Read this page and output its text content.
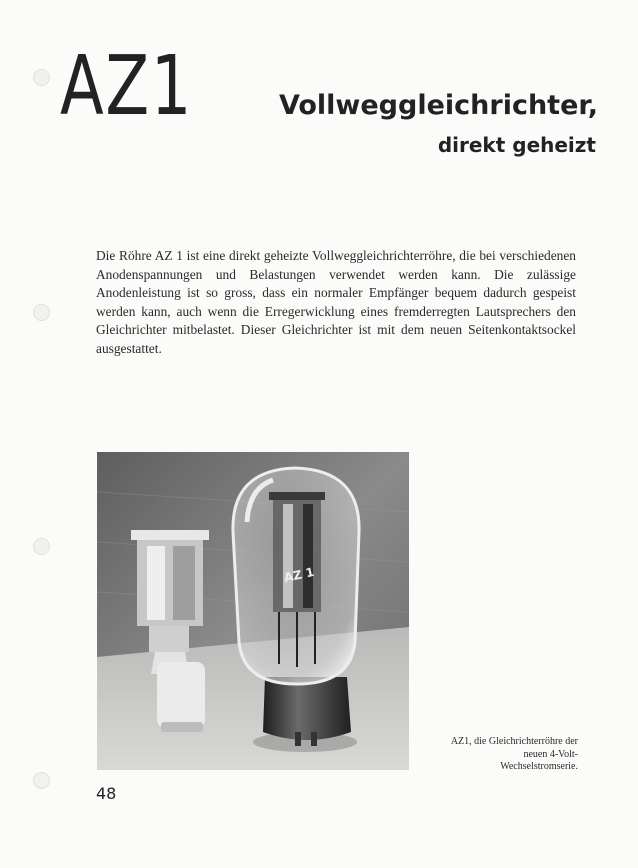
AZ1	Vollweggleichrichter,
direkt geheizt

Die Röhre AZ 1 ist eine direkt geheizte Vollweggleichrichterröhre, die bei verschiedenen Anodenspannungen und Belastungen verwendet werden kann. Die zulässige Anodenleistung ist so gross, dass ein normaler Empfänger bequem dadurch gespeist werden kann, auch wenn die Erregerwicklung eines fremderregten Lautsprechers den Gleichrichter mitbelastet. Dieser Gleichrichter ist mit dem neuen Seitenkontaktsockel ausgestattet.

AZ 1

AZ1, die Gleichrichterröhre der neuen 4-Volt-Wechselstromserie.

48
